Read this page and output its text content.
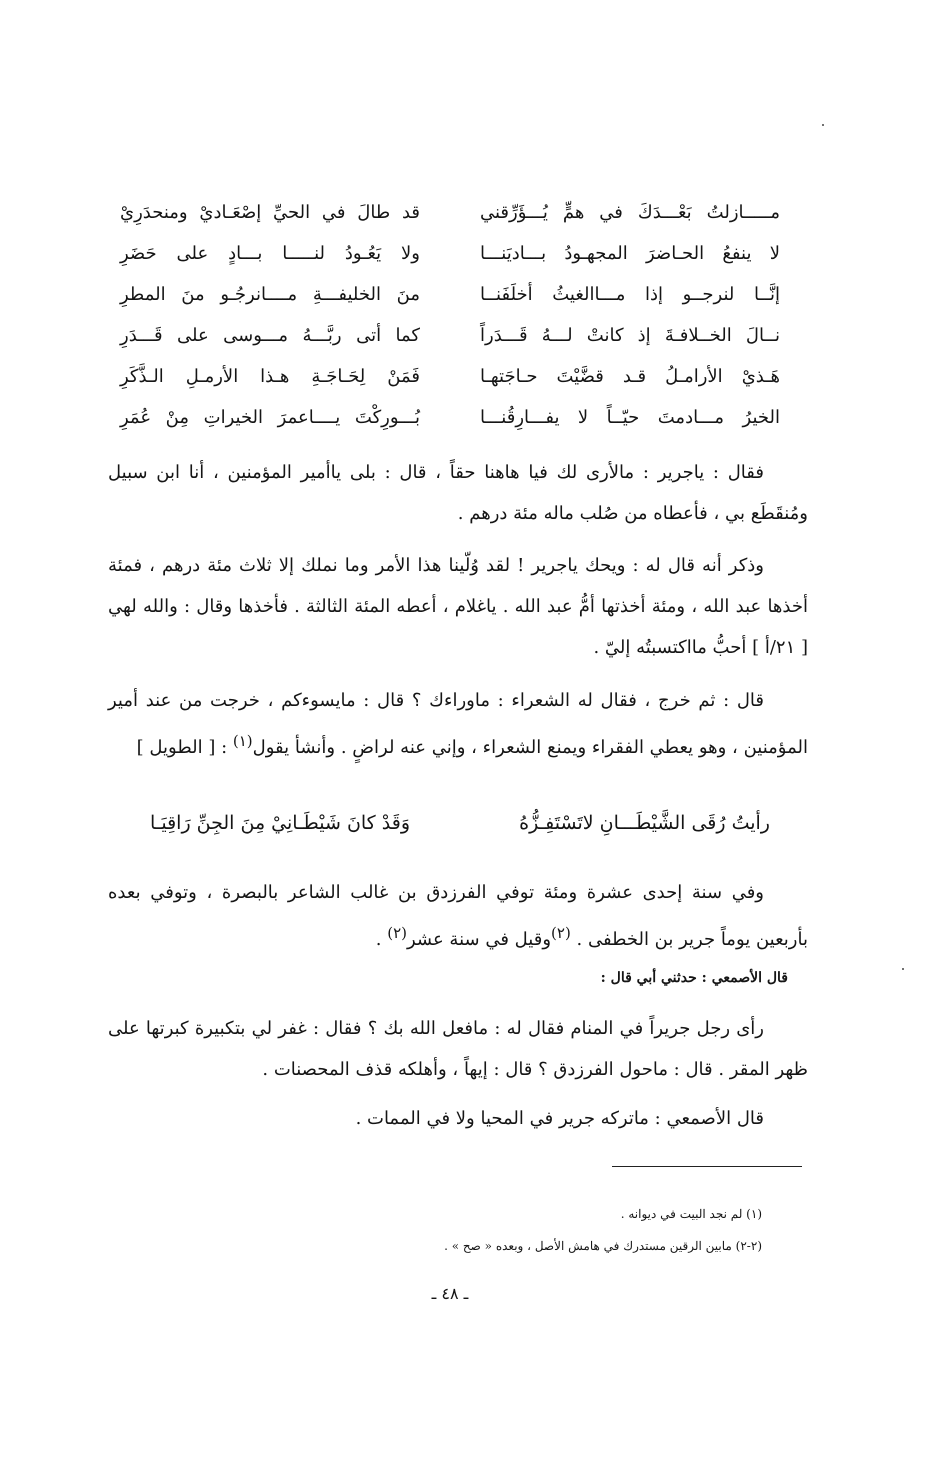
مـــــازلتُ بَعْـــدَكَ في همٍّ يُـــؤَرِّقني
قد طالَ في الحيِّ إصْعَـاديْ ومنحدَرِيْ
لا ينفعُ الحـاضرَ المجهـودُ بـــاديَنـــا
ولا يَعُـودُ لنـــــا بـــادٍ على حَضَرِ
إنَّــا لنرجــو إذا مـــاالغيثُ أخلَفَنــا
منَ الخليفـــةِ مــــانرجُـو منَ المطرِ
نــالَ الخــلافـةَ إذ كانتْ لـــهُ قَـــدَراً
كما أتى ربَّـــهُ مـــوسى على قَـــدَرِ
هَـذيْ الأرامـلُ قـد قضَّيْتَ حـاجَتهـا
فَمَنْ لِحَـاجَـةِ هـذا الأرمـلِ الـذَّكَرِ
الخيرُ مـــادمتَ حيّــاً لا يفـــارِقُنـــا
بُـــورِكْتَ يــــاعمرَ الخيراتِ مِنْ عُمَرِ

فقال : ياجرير : مالأرى لك فيا هاهنا حقاً ، قال : بلى ياأمير المؤمنين ، أنا ابن سبيل ومُنقَطَع بي ، فأعطاه من صُلب ماله مئة درهم .

وذكر أنه قال له : ويحك ياجرير ! لقد وُلّينا هذا الأمر وما نملك إلا ثلاث مئة درهم ، فمئة أخذها عبد الله ، ومئة أخذتها أمُّ عبد الله . ياغلام ، أعطه المئة الثالثة . فأخذها وقال : والله لهي [ ٢١/أ ] أحبُّ مااكتسبتُه إليّ .

قال : ثم خرج ، فقال له الشعراء : ماوراءك ؟ قال : مايسوءكم ، خرجت من عند أمير المؤمنين ، وهو يعطي الفقراء ويمنع الشعراء ، وإني عنه لراضٍ . وأنشأ يقول$^{(١)}$ : [ الطويل ]

رأيتُ رُقَى الشَّيْطَـــانِ لاتَسْتَفِـزُّهُ
وَقَدْ كانَ شَيْطَـانِيْ مِنَ الجِنِّ رَاقِيَـا

وفي سنة إحدى عشرة ومئة توفي الفرزدق بن غالب الشاعر بالبصرة ، وتوفي بعده بأربعين يوماً جرير بن الخطفى . $^{(٢)}$وقيل في سنة عشر$^{(٢)}$ .

قال الأصمعي : حدثني أبي قال :

رأى رجل جريراً في المنام فقال له : مافعل الله بك ؟ فقال : غفر لي بتكبيرة كبرتها على ظهر المقر . قال : ماحول الفرزدق ؟ قال : إيهاً ، وأهلكه قذف المحصنات .

قال الأصمعي : ماتركه جرير في المحيا ولا في الممات .

(١) لم نجد البيت في ديوانه .
(٢-٢) مابين الرقين مستدرك في هامش الأصل ، وبعده « صح » .
ـ ٤٨ ـ
